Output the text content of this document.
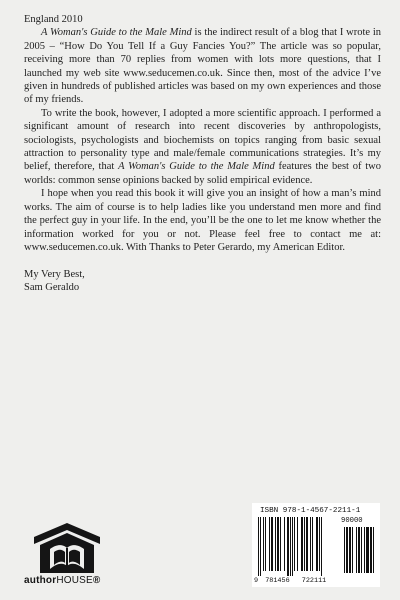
England 2010

A Woman's Guide to the Male Mind is the indirect result of a blog that I wrote in 2005 – “How Do You Tell If a Guy Fancies You?” The article was so popular, receiving more than 70 replies from women with lots more questions, that I launched my web site www.seducemen.co.uk. Since then, most of the advice I’ve given in hundreds of published articles was based on my own experiences and those of my friends.

To write the book, however, I adopted a more scientific approach. I performed a significant amount of research into recent discoveries by anthropologists, sociologists, psychologists and biochemists on topics ranging from basic sexual attraction to personality type and male/female communications strategies. It’s my belief, therefore, that A Woman's Guide to the Male Mind features the best of two worlds: common sense opinions backed by solid empirical evidence.

I hope when you read this book it will give you an insight of how a man’s mind works. The aim of course is to help ladies like you understand men more and find the perfect guy in your life. In the end, you’ll be the one to let me know whether the information worked for you or not. Please feel free to contact me at: www.seducemen.co.uk. With Thanks to Peter Gerardo, my American Editor.

My Very Best,

Sam Geraldo

authorHOUSE®
ISBN 978-1-4567-2211-1
90000
9 781456 722111
